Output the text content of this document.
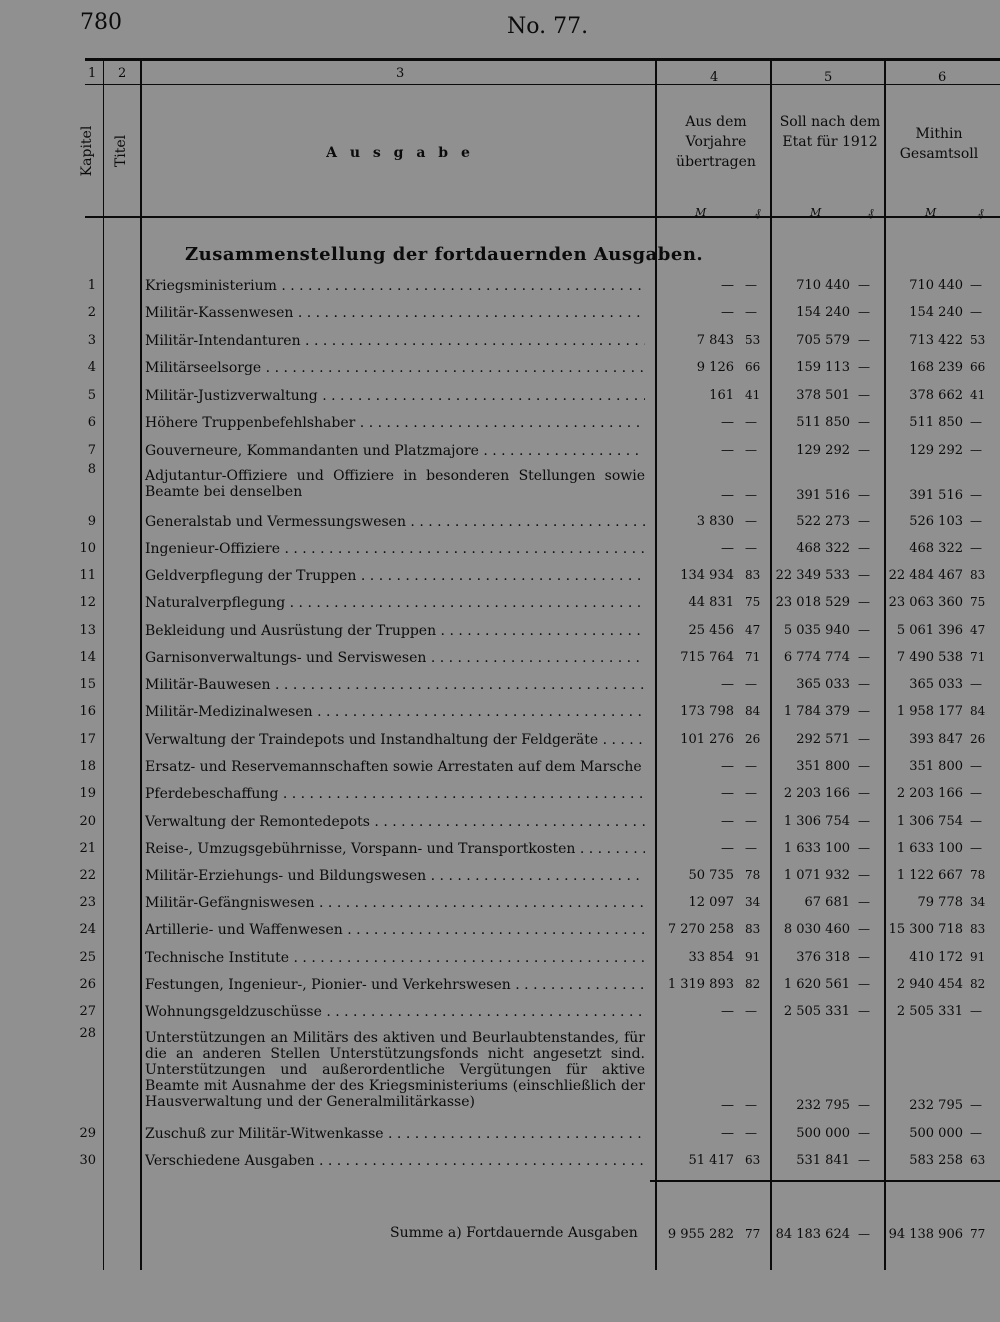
780	No. 77.
1 2	3	4	5	6
Kapitel Titel	A u s g a b e
Aus dem Vorjahre übertragen
Soll nach dem Etat für 1912	Mithin Gesamtsoll
M	₰	M	₰	M	₰
Zusammenstellung der fortdauernden Ausgaben.
1	Kriegsministerium . . .	— —	710 440 —	710 440 —
2	Militär-Kassenwesen . . .	— —	154 240 —	154 240 —
3	Militär-Intendanturen . . .	7 843 53	705 579 —	713 422 53
4	Militärseelsorge . . .	9 126 66	159 113 —	168 239 66
5	Militär-Justizverwaltung . . .	161 41	378 501 —	378 662 41
6	Höhere Truppenbefehlshaber . . .	— —	511 850 —	511 850 —
7	Gouverneure, Kommandanten und Platzmajore . . .	— —	129 292 —	129 292 —
8	Adjutantur-Offiziere und Offiziere in besonderen Stellungen sowie Beamte bei denselben	— —	391 516 —	391 516 —
9	Generalstab und Vermessungswesen . . .	3 830 —	522 273 —	526 103 —
10	Ingenieur-Offiziere . . .	— —	468 322 —	468 322 —
11	Geldverpflegung der Truppen . . .	134 934 83	22 349 533 —	22 484 467 83
12	Naturalverpflegung . . .	44 831 75	23 018 529 —	23 063 360 75
13	Bekleidung und Ausrüstung der Truppen . . .	25 456 47	5 035 940 —	5 061 396 47
14	Garnisonverwaltungs- und Serviswesen . . .	715 764 71	6 774 774 —	7 490 538 71
15	Militär-Bauwesen . . .	— —	365 033 —	365 033 —
16	Militär-Medizinalwesen . . .	173 798 84	1 784 379 —	1 958 177 84
17	Verwaltung der Traindepots und Instandhaltung der Feldgeräte . . .	101 276 26	292 571 —	393 847 26
18	Ersatz- und Reservemannschaften sowie Arrestaten auf dem Marsche . . .	— —	351 800 —	351 800 —
19	Pferdebeschaffung . . .	— —	2 203 166 —	2 203 166 —
20	Verwaltung der Remontedepots . . .	— —	1 306 754 —	1 306 754 —
21	Reise-, Umzugsgebührnisse, Vorspann- und Transportkosten . . .	— —	1 633 100 —	1 633 100 —
22	Militär-Erziehungs- und Bildungswesen . . .	50 735 78	1 071 932 —	1 122 667 78
23	Militär-Gefängniswesen . . .	12 097 34	67 681 —	79 778 34
24	Artillerie- und Waffenwesen . . .	7 270 258 83	8 030 460 —	15 300 718 83
25	Technische Institute . . .	33 854 91	376 318 —	410 172 91
26	Festungen, Ingenieur-, Pionier- und Verkehrswesen . . .	1 319 893 82	1 620 561 —	2 940 454 82
27	Wohnungsgeldzuschüsse . . .	— —	2 505 331 —	2 505 331 —
28	Unterstützungen an Militärs des aktiven und Beurlaubtenstandes, für die an anderen Stellen Unterstützungsfonds nicht angesetzt sind. Unterstützungen und außerordentliche Vergütungen für aktive Beamte mit Ausnahme der des Kriegsministeriums (einschließlich der Hausverwaltung und der Generalmilitärkasse)	— —	232 795 —	232 795 —
29	Zuschuß zur Militär-Witwenkasse . . .	— —	500 000 —	500 000 —
30	Verschiedene Ausgaben . . .	51 417 63	531 841 —	583 258 63
Summe a) Fortdauernde Ausgaben	9 955 282 77	84 183 624 —	94 138 906 77
